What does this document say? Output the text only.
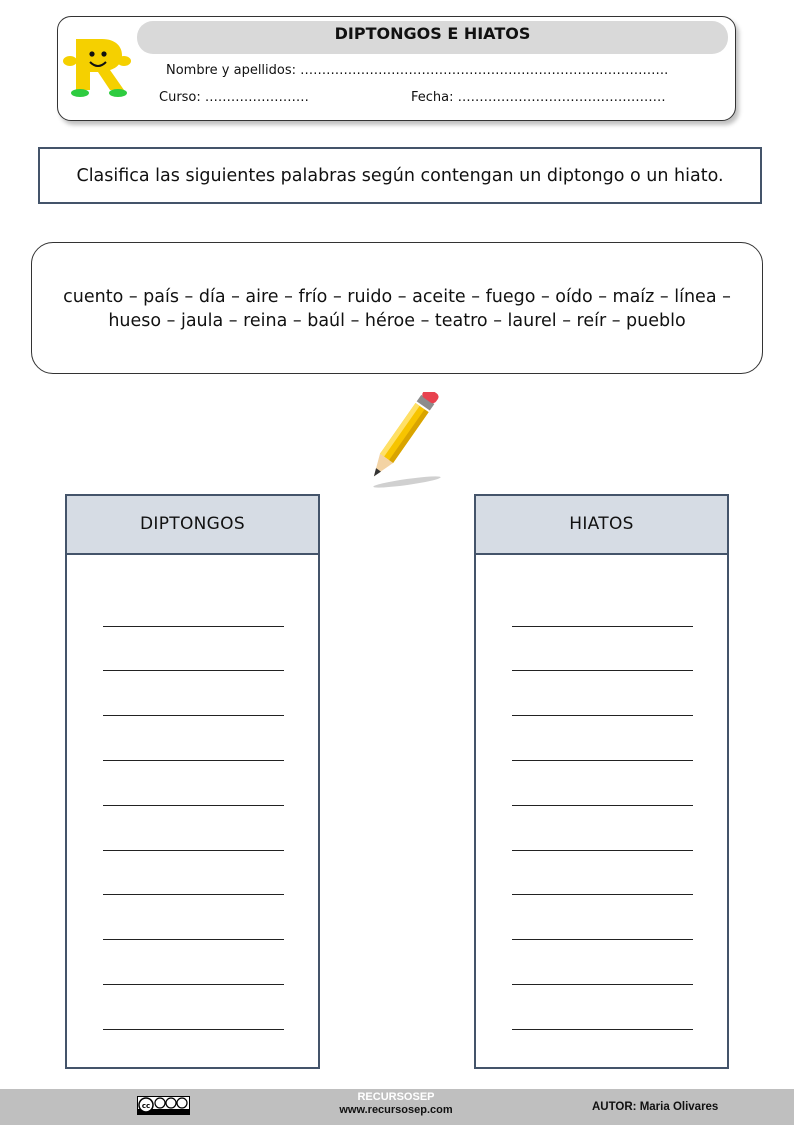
DIPTONGOS E HIATOS
Nombre y apellidos: ………………………………………………………………………….
Curso: ……………………	Fecha: …………………………………………
Clasifica las siguientes palabras según contengan un diptongo o un hiato.
cuento – país – día – aire – frío – ruido – aceite – fuego – oído – maíz – línea –
hueso – jaula – reina – baúl – héroe – teatro – laurel – reír – pueblo
DIPTONGOS	HIATOS
cc
RECURSOSEP
www.recursosep.com	AUTOR: Maria Olivares
